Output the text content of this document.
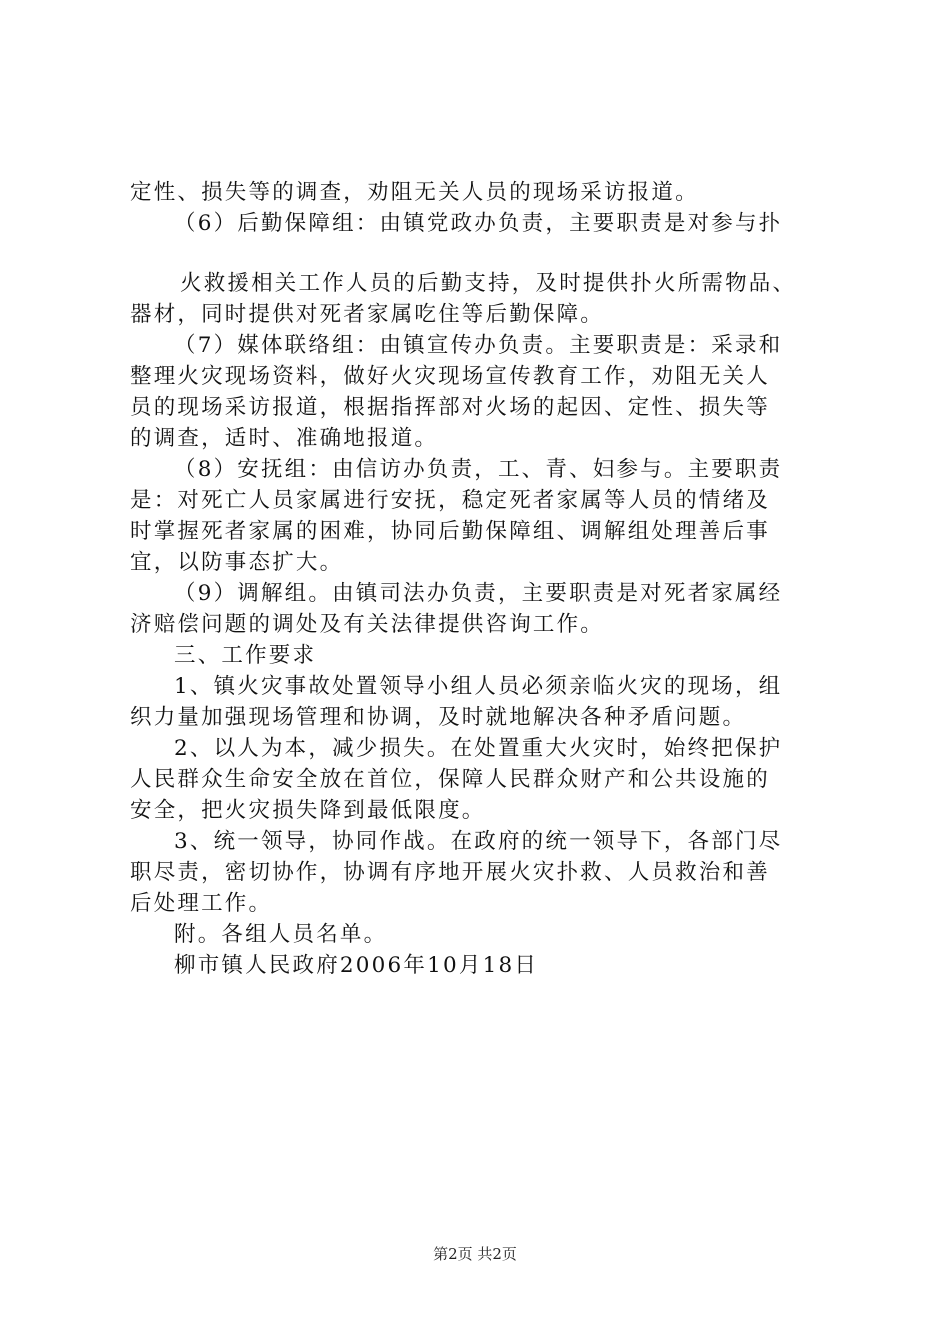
定性、损失等的调查，劝阻无关人员的现场采访报道。
（6）后勤保障组：由镇党政办负责，主要职责是对参与扑
火救援相关工作人员的后勤支持，及时提供扑火所需物品、
器材，同时提供对死者家属吃住等后勤保障。
（7）媒体联络组：由镇宣传办负责。主要职责是：采录和
整理火灾现场资料，做好火灾现场宣传教育工作，劝阻无关人
员的现场采访报道，根据指挥部对火场的起因、定性、损失等
的调查，适时、准确地报道。
（8）安抚组：由信访办负责，工、青、妇参与。主要职责
是：对死亡人员家属进行安抚，稳定死者家属等人员的情绪及
时掌握死者家属的困难，协同后勤保障组、调解组处理善后事
宜，以防事态扩大。
（9）调解组。由镇司法办负责，主要职责是对死者家属经
济赔偿问题的调处及有关法律提供咨询工作。
三、工作要求
1、镇火灾事故处置领导小组人员必须亲临火灾的现场，组
织力量加强现场管理和协调，及时就地解决各种矛盾问题。
2、以人为本，减少损失。在处置重大火灾时，始终把保护
人民群众生命安全放在首位，保障人民群众财产和公共设施的
安全，把火灾损失降到最低限度。
3、统一领导，协同作战。在政府的统一领导下，各部门尽
职尽责，密切协作，协调有序地开展火灾扑救、人员救治和善
后处理工作。
附。各组人员名单。
柳市镇人民政府2006年10月18日
第2页 共2页
